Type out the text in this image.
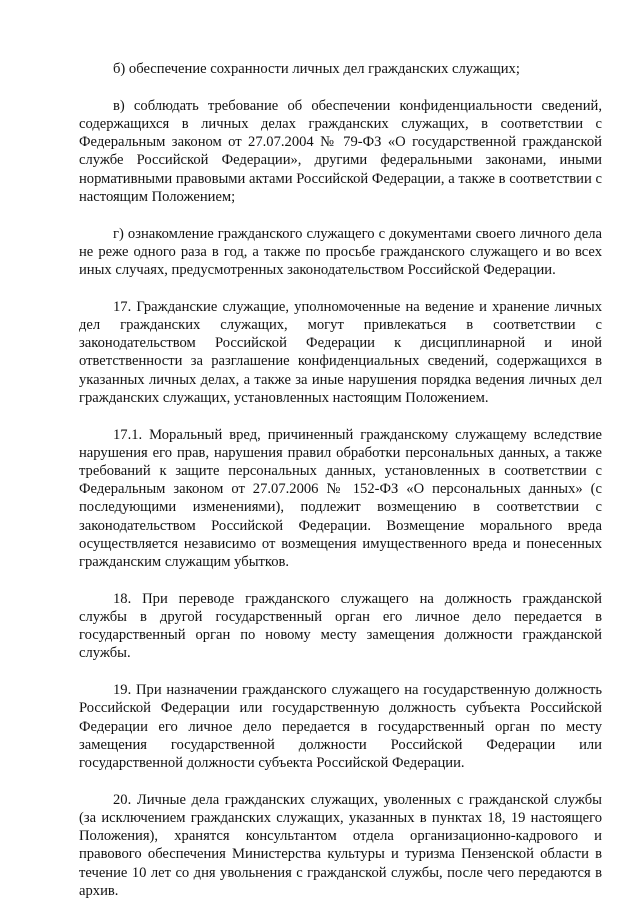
б) обеспечение сохранности личных дел гражданских служащих;

в) соблюдать требование об обеспечении конфиденциальности сведений, содержащихся в личных делах гражданских служащих, в соответствии с Федеральным законом от 27.07.2004 № 79-ФЗ «О государственной гражданской службе Российской Федерации», другими федеральными законами, иными нормативными правовыми актами Российской Федерации, а также в соответствии с настоящим Положением;

г) ознакомление гражданского служащего с документами своего личного дела не реже одного раза в год, а также по просьбе гражданского служащего и во всех иных случаях, предусмотренных законодательством Российской Федерации.

17. Гражданские служащие, уполномоченные на ведение и хранение личных дел гражданских служащих, могут привлекаться в соответствии с законодательством Российской Федерации к дисциплинарной и иной ответственности за разглашение конфиденциальных сведений, содержащихся в указанных личных делах, а также за иные нарушения порядка ведения личных дел гражданских служащих, установленных настоящим Положением.

17.1. Моральный вред, причиненный гражданскому служащему вследствие нарушения его прав, нарушения правил обработки персональных данных, а также требований к защите персональных данных, установленных в соответствии с Федеральным законом от 27.07.2006 № 152-ФЗ «О персональных данных» (с последующими изменениями), подлежит возмещению в соответствии с законодательством Российской Федерации. Возмещение морального вреда осуществляется независимо от возмещения имущественного вреда и понесенных гражданским служащим убытков.

18. При переводе гражданского служащего на должность гражданской службы в другой государственный орган его личное дело передается в государственный орган по новому месту замещения должности гражданской службы.

19. При назначении гражданского служащего на государственную должность Российской Федерации или государственную должность субъекта Российской Федерации его личное дело передается в государственный орган по месту замещения государственной должности Российской Федерации или государственной должности субъекта Российской Федерации.

20. Личные дела гражданских служащих, уволенных с гражданской службы (за исключением гражданских служащих, указанных в пунктах 18, 19 настоящего Положения), хранятся консультантом отдела организационно-кадрового и правового обеспечения Министерства культуры и туризма Пензенской области в течение 10 лет со дня увольнения с гражданской службы, после чего передаются в архив.
